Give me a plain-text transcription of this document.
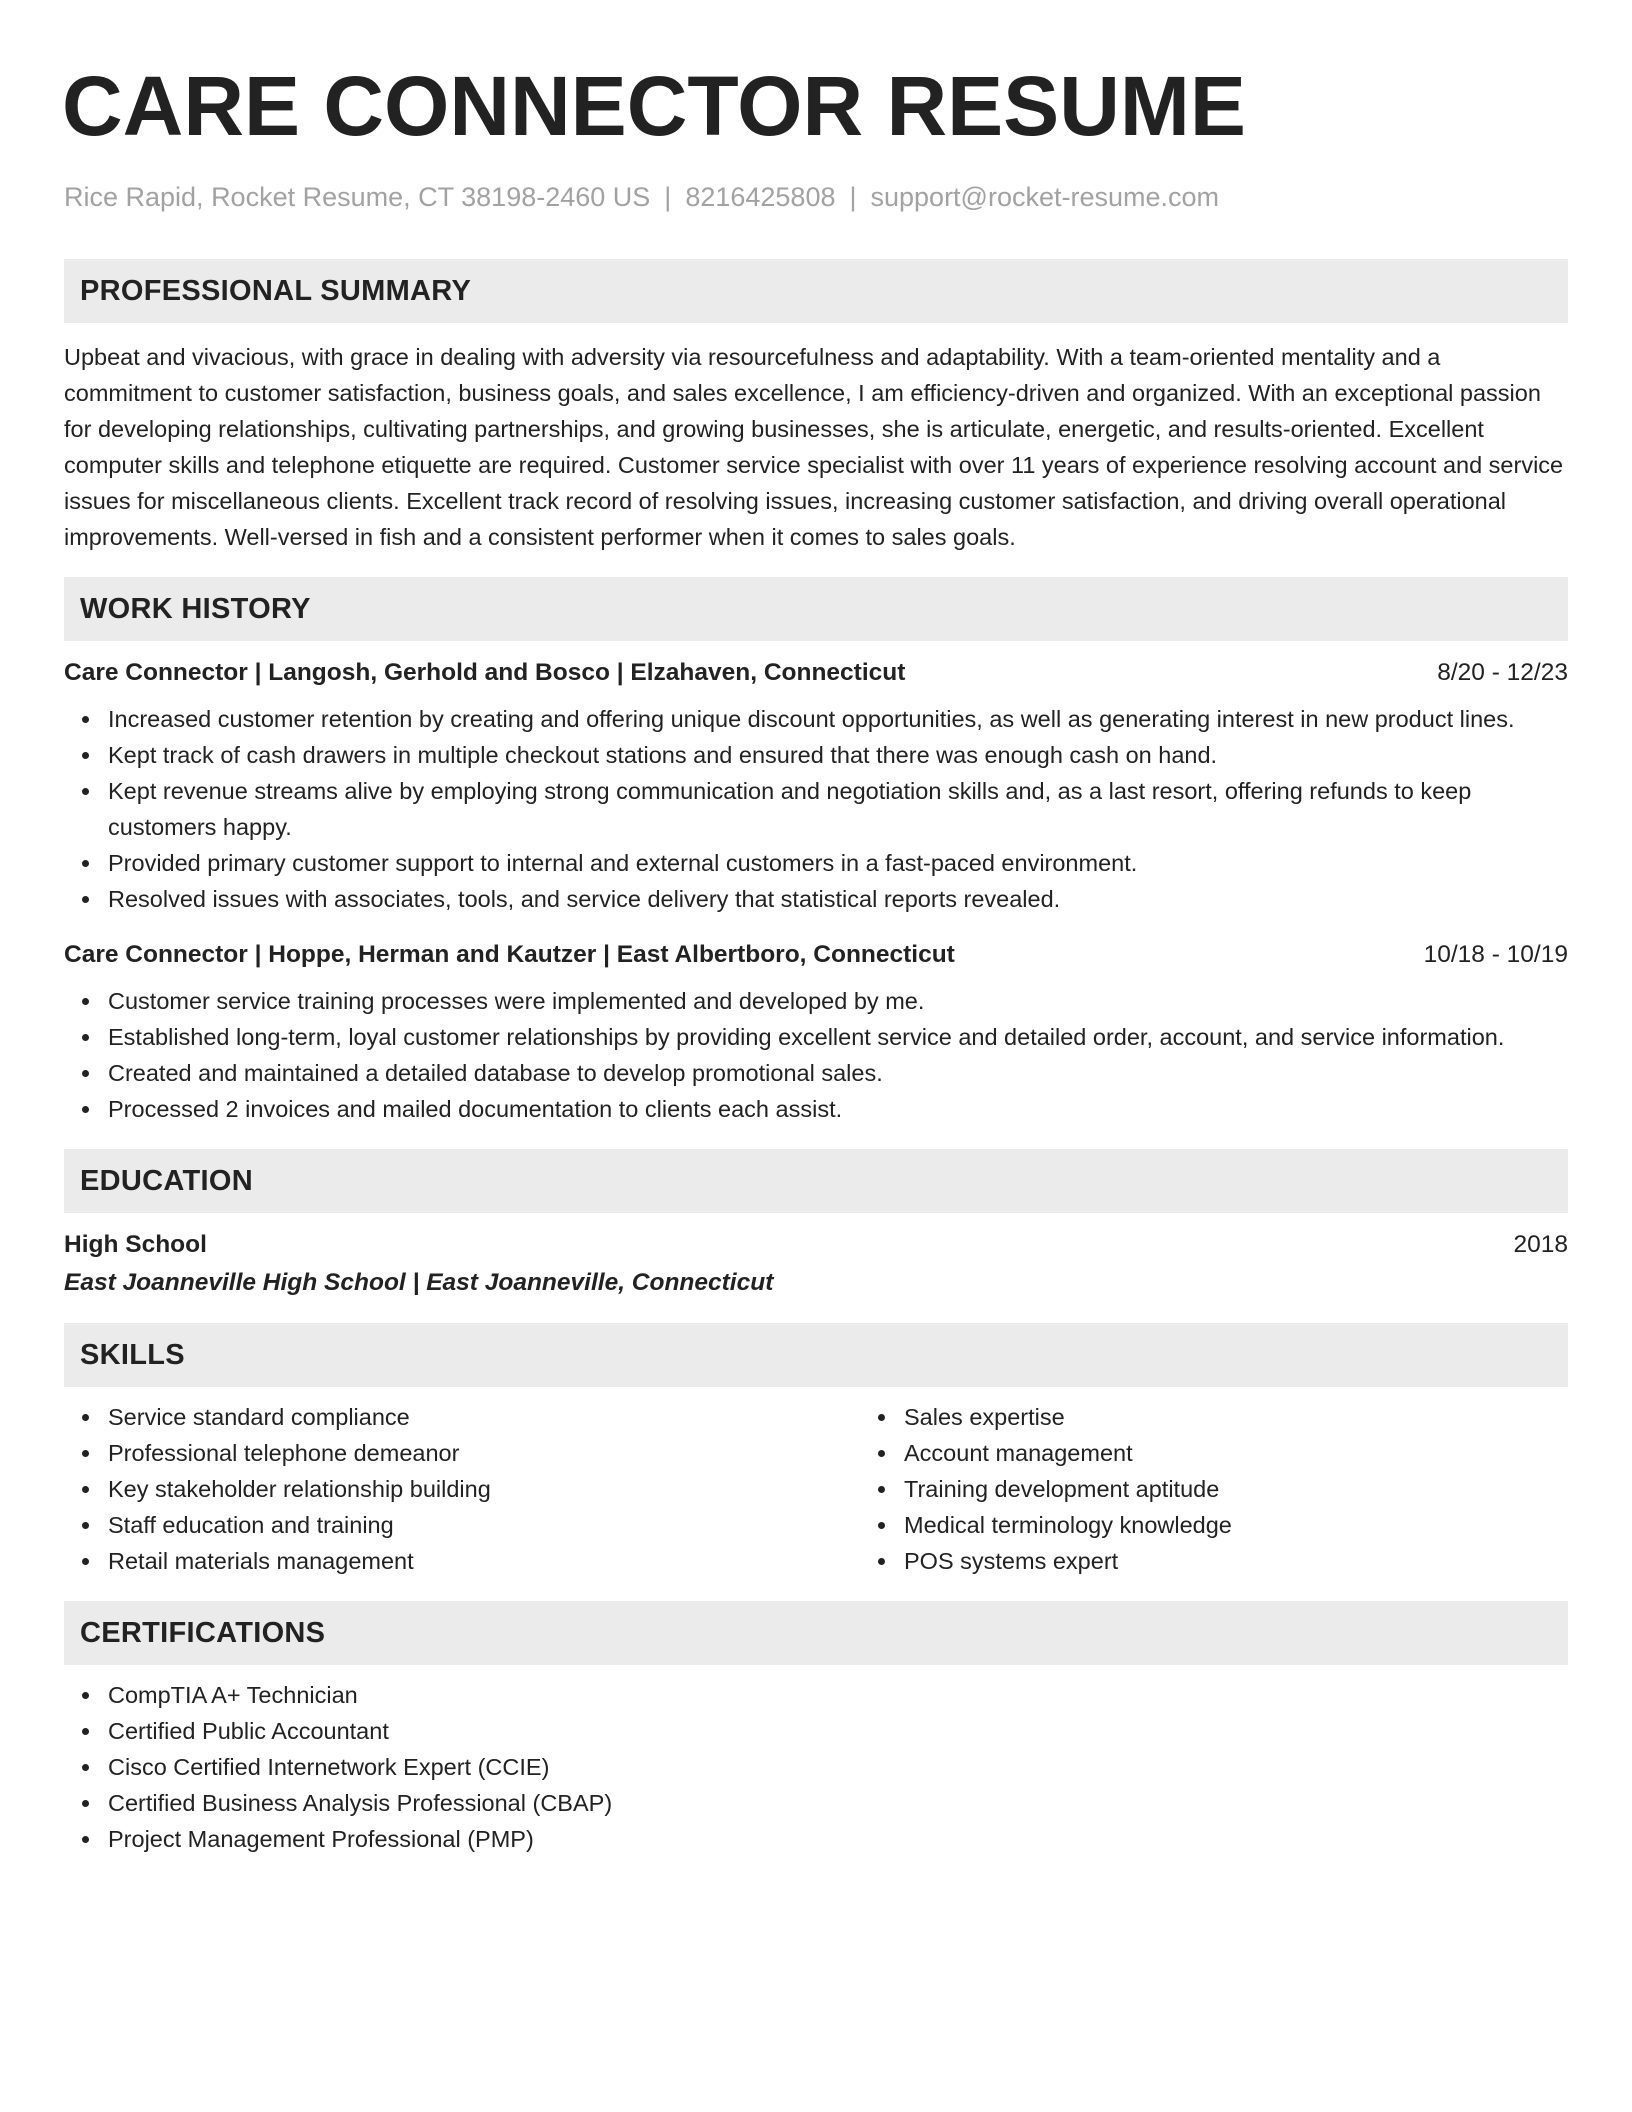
CARE CONNECTOR RESUME
Rice Rapid, Rocket Resume, CT 38198-2460 US | 8216425808 | support@rocket-resume.com
PROFESSIONAL SUMMARY
Upbeat and vivacious, with grace in dealing with adversity via resourcefulness and adaptability. With a team-oriented mentality and a commitment to customer satisfaction, business goals, and sales excellence, I am efficiency-driven and organized. With an exceptional passion for developing relationships, cultivating partnerships, and growing businesses, she is articulate, energetic, and results-oriented. Excellent computer skills and telephone etiquette are required. Customer service specialist with over 11 years of experience resolving account and service issues for miscellaneous clients. Excellent track record of resolving issues, increasing customer satisfaction, and driving overall operational improvements. Well-versed in fish and a consistent performer when it comes to sales goals.
WORK HISTORY
Care Connector | Langosh, Gerhold and Bosco | Elzahaven, Connecticut	8/20 - 12/23
Increased customer retention by creating and offering unique discount opportunities, as well as generating interest in new product lines.
Kept track of cash drawers in multiple checkout stations and ensured that there was enough cash on hand.
Kept revenue streams alive by employing strong communication and negotiation skills and, as a last resort, offering refunds to keep customers happy.
Provided primary customer support to internal and external customers in a fast-paced environment.
Resolved issues with associates, tools, and service delivery that statistical reports revealed.
Care Connector | Hoppe, Herman and Kautzer | East Albertboro, Connecticut	10/18 - 10/19
Customer service training processes were implemented and developed by me.
Established long-term, loyal customer relationships by providing excellent service and detailed order, account, and service information.
Created and maintained a detailed database to develop promotional sales.
Processed 2 invoices and mailed documentation to clients each assist.
EDUCATION
High School	2018
East Joanneville High School | East Joanneville, Connecticut
SKILLS
Service standard compliance
Professional telephone demeanor
Key stakeholder relationship building
Staff education and training
Retail materials management
Sales expertise
Account management
Training development aptitude
Medical terminology knowledge
POS systems expert
CERTIFICATIONS
CompTIA A+ Technician
Certified Public Accountant
Cisco Certified Internetwork Expert (CCIE)
Certified Business Analysis Professional (CBAP)
Project Management Professional (PMP)
